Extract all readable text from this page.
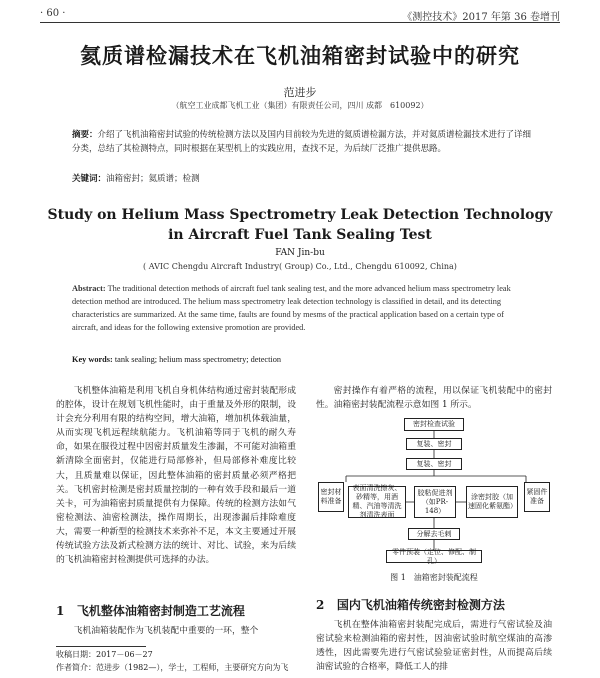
· 60 ·	《测控技术》2017 年第 36 卷增刊
氦质谱检漏技术在飞机油箱密封试验中的研究
范进步
（航空工业成都飞机工业（集团）有限责任公司，四川 成都　610092）
摘要：介绍了飞机油箱密封试验的传统检测方法以及国内目前较为先进的氦质谱检漏方法，并对氦质谱检漏技术进行了详细分类，总结了其检测特点，同时根据在某型机上的实践应用，查找不足，为后续厂泛推广提供思路。
关键词：油箱密封；氦质谱；检测
Study on Helium Mass Spectrometry Leak Detection Technology in Aircraft Fuel Tank Sealing Test
FAN Jin-bu
( AVIC Chengdu Aircraft Industry( Group) Co., Ltd., Chengdu 610092, China)
Abstract: The traditional detection methods of aircraft fuel tank sealing test, and the more advanced helium mass spectrometry leak detection method are introduced. The helium mass spectrometry leak detection technology is classified in detail, and its detecting characteristics are summarized. At the same time, faults are found by mesms of the practical application based on a certain type of aircraft, and ideas for the following extensive promotion are provided.
Key words: tank sealing; helium mass spectrometry; detection
飞机整体油箱是利用飞机自身机体结构通过密封装配形成的腔体，设计在规划飞机性能时，由于重量及外形的限制，设计会充分利用有限的结构空间，增大油箱，增加机体载油量，从而实现飞机远程续航能力。飞机油箱等同于飞机的耐久寿命，如果在服役过程中因密封质量发生渗漏，不可能对油箱重新清除全面密封，仅能进行局部修补，但局部修补难度比较大，且质量难以保证，因此整体油箱的密封质量必须严格把关。飞机密封检测是密封质量控制的一种有效手段和最后一道关卡，可为油箱密封质量提供有力保障。传统的检测方法如气密检测法、油密检测法，操作周期长，出现渗漏后排除难度大，需要一种新型的检测技术来弥补不足，本文主要通过开展传统试验方法及新式检测方法的统计、对比、试验，来为后续的飞机油箱密封检测提供可选择的办法。
1 飞机整体油箱密封制造工艺流程
飞机油箱装配作为飞机装配中重要的一环，整个
收稿日期：2017－06－27
作者简介：范进步（1982—），学士，工程师，主要研究方向为飞
密封操作有着严格的流程，用以保证飞机装配中的密封性。油箱密封装配流程示意如图 1 所示。
密封检查试验
复装、密封
复装、密封
密封材料准备
紧固件准备
表面清洗擦灰、砂精等，用酒精、汽油等清洗剂清洗表面
胶粘促进剂（如PR-148）
涂密封胶（加速固化紫氨酯）
分解去毛刺
零件预装（定位、修配、制孔）
图 1　油箱密封装配流程
2 国内飞机油箱传统密封检测方法
飞机在整体油箱密封装配完成后，需进行气密试验及油密试验来检测油箱的密封性，因油密试验时航空煤油的高渗透性，因此需要先进行气密试验验证密封性，从而提高后续油密试验的合格率，降低工人的排
